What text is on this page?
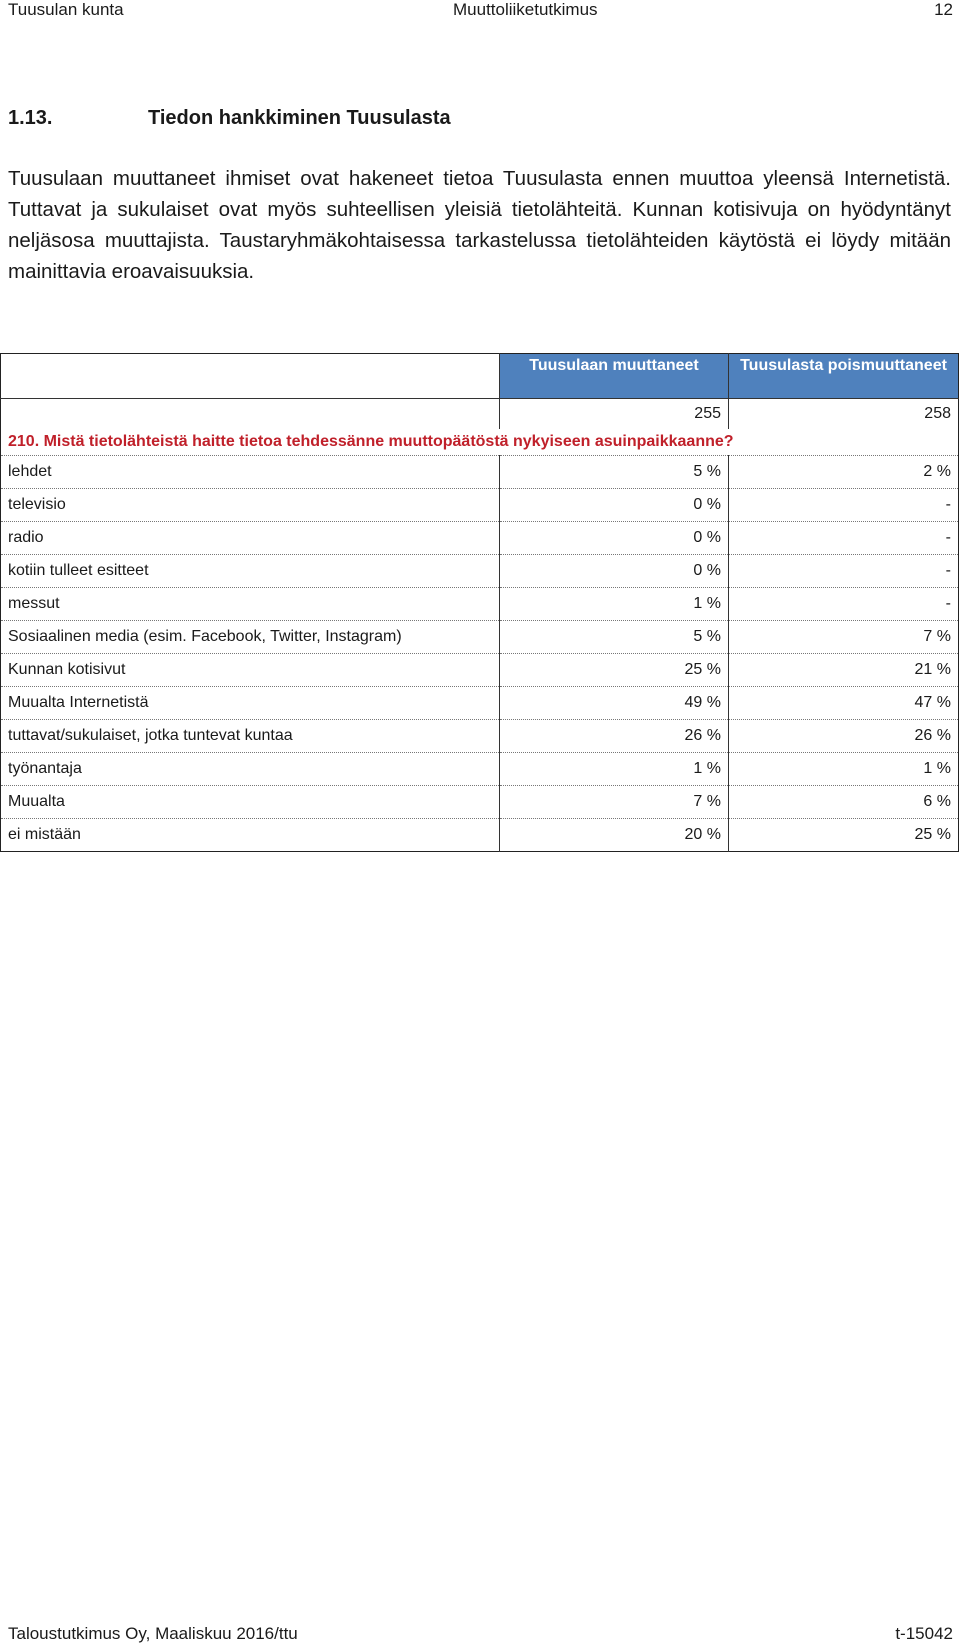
Tuusulan kunta	Muuttoliiketutkimus	12
1.13.	Tiedon hankkiminen Tuusulasta

Tuusulaan muuttaneet ihmiset ovat hakeneet tietoa Tuusulasta ennen muuttoa yleensä Internetistä. Tuttavat ja sukulaiset ovat myös suhteellisen yleisiä tietolähteitä. Kunnan kotisivuja on hyödyntänyt neljäsosa muuttajista. Taustaryhmäkohtaisessa tarkastelussa tietolähteiden käytöstä ei löydy mitään mainittavia eroavaisuuksia.

	Tuusulaan muuttaneet	Tuusulasta poismuuttaneet
	255	258
210. Mistä tietolähteistä haitte tietoa tehdessänne muuttopäätöstä nykyiseen asuinpaikkaanne?		
lehdet	5 %	2 %
televisio	0 %	-
radio	0 %	-
kotiin tulleet esitteet	0 %	-
messut	1 %	-
Sosiaalinen media (esim. Facebook, Twitter, Instagram)	5 %	7 %
Kunnan kotisivut	25 %	21 %
Muualta Internetistä	49 %	47 %
tuttavat/sukulaiset, jotka tuntevat kuntaa	26 %	26 %
työnantaja	1 %	1 %
Muualta	7 %	6 %
ei mistään	20 %	25 %
Taloustutkimus Oy, Maaliskuu 2016/ttu	t-15042
